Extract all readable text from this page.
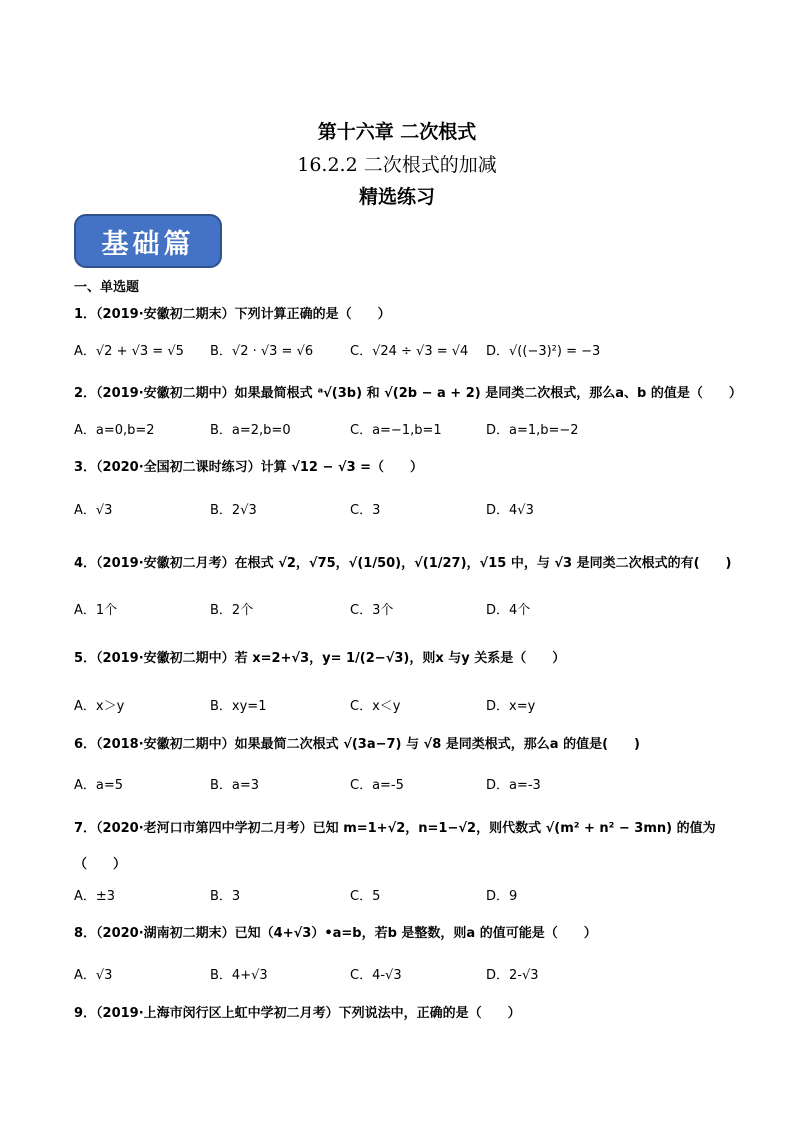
第十六章 二次根式
16.2.2 二次根式的加减
精选练习
基础篇
一、单选题
1．（2019·安徽初二期末）下列计算正确的是（　　）
A．√2 + √3 = √5 B．√2 · √3 = √6	C．√24 ÷ √3 = √4 D．√((−3)²) = −3
2．（2019·安徽初二期中）如果最简根式 ᵃ√(3b) 和 √(2b − a + 2) 是同类二次根式，那么a、b 的值是（　　）
A．a=0,b=2	B．a=2,b=0	C．a=−1,b=1	D．a=1,b=−2
3．（2020·全国初二课时练习）计算 √12 − √3 =（　　）
A．√3	B．2√3	C．3	D．4√3
4．（2019·安徽初二月考）在根式 √2，√75，√(1/50)，√(1/27)，√15 中，与 √3 是同类二次根式的有(　　)
A．1个	B．2个	C．3个	D．4个
5．（2019·安徽初二期中）若 x=2+√3，y= 1/(2−√3)，则x 与y 关系是（　　）
A．x＞y	B．xy=1	C．x＜y	D．x=y
6．（2018·安徽初二期中）如果最简二次根式 √(3a−7) 与 √8 是同类根式，那么a 的值是(　　)
A．a=5	B．a=3	C．a=-5	D．a=-3
7．（2020·老河口市第四中学初二月考）已知 m=1+√2，n=1−√2，则代数式 √(m² + n² − 3mn) 的值为
（　　）
A．±3	B．3	C．5	D．9
8．（2020·湖南初二期末）已知（4+√3）•a=b，若b 是整数，则a 的值可能是（　　）
A．√3	B．4+√3	C．4-√3	D．2-√3
9．（2019·上海市闵行区上虹中学初二月考）下列说法中，正确的是（　　）
